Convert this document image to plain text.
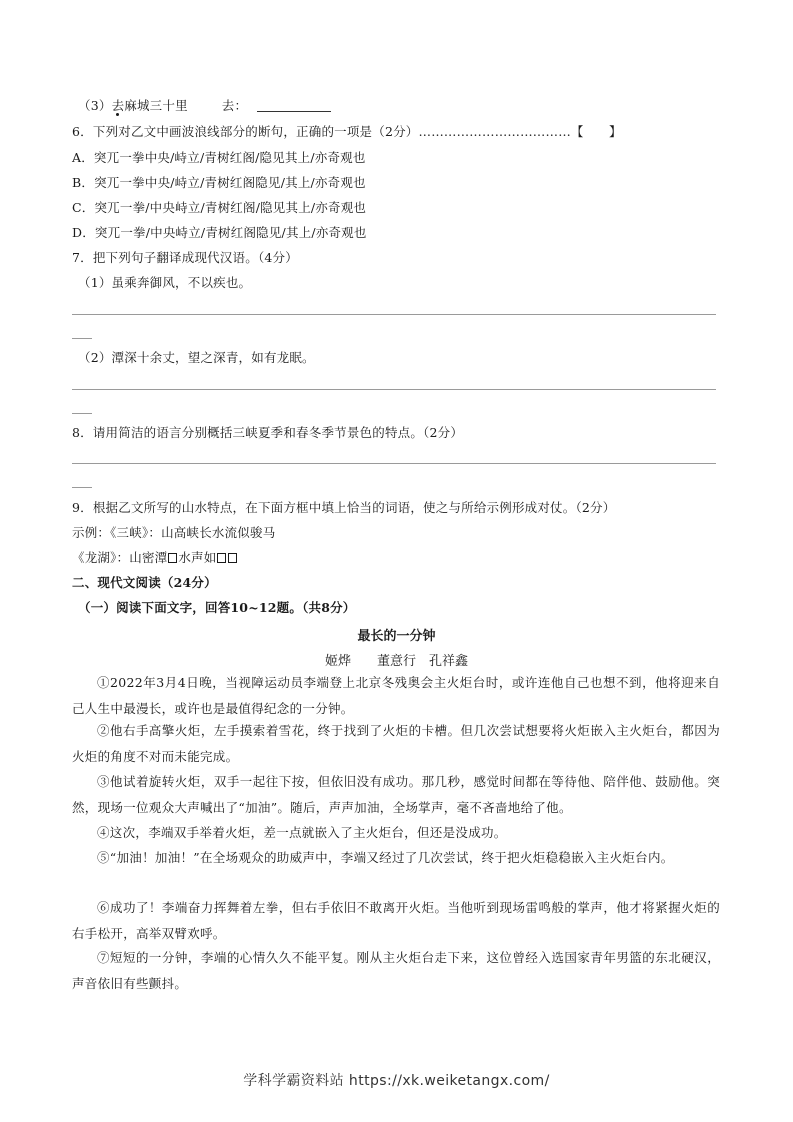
（3）去麻城三十里	去：
6．下列对乙文中画波浪线部分的断句，正确的一项是（2分）………………………………【　　】
A．突兀一拳中央/峙立/青树红阁/隐见其上/亦奇观也
B．突兀一拳中央/峙立/青树红阁隐见/其上/亦奇观也
C．突兀一拳/中央峙立/青树红阁/隐见其上/亦奇观也
D．突兀一拳/中央峙立/青树红阁隐见/其上/亦奇观也
7．把下列句子翻译成现代汉语。（4分）
（1）虽乘奔御风，不以疾也。
（2）潭深十余丈，望之深青，如有龙眠。
8．请用简洁的语言分别概括三峡夏季和春冬季节景色的特点。（2分）
9．根据乙文所写的山水特点，在下面方框中填上恰当的词语，使之与所给示例形成对仗。（2分）
示例：《三峡》：山高峡长水流似骏马
《龙湖》：山密潭 水声如
二、现代文阅读（24分）
（一）阅读下面文字，回答10~12题。（共8分）
最长的一分钟
姬烨　　董意行　孔祥鑫
①2022年3月4日晚，当视障运动员李端登上北京冬残奥会主火炬台时，或许连他自己也想不到，他将迎来自己人生中最漫长，或许也是最值得纪念的一分钟。
②他右手高擎火炬，左手摸索着雪花，终于找到了火炬的卡槽。但几次尝试想要将火炬嵌入主火炬台，都因为火炬的角度不对而未能完成。
③他试着旋转火炬，双手一起往下按，但依旧没有成功。那几秒，感觉时间都在等待他、陪伴他、鼓励他。突然，现场一位观众大声喊出了“加油”。随后，声声加油，全场掌声，毫不吝啬地给了他。
④这次，李端双手举着火炬，差一点就嵌入了主火炬台，但还是没成功。
⑤“加油！加油！”在全场观众的助威声中，李端又经过了几次尝试，终于把火炬稳稳嵌入主火炬台内。
⑥成功了！李端奋力挥舞着左拳，但右手依旧不敢离开火炬。当他听到现场雷鸣般的掌声，他才将紧握火炬的右手松开，高举双臂欢呼。
⑦短短的一分钟，李端的心情久久不能平复。刚从主火炬台走下来，这位曾经入选国家青年男篮的东北硬汉，声音依旧有些颤抖。
学科学霸资料站 https://xk.weiketangx.com/
